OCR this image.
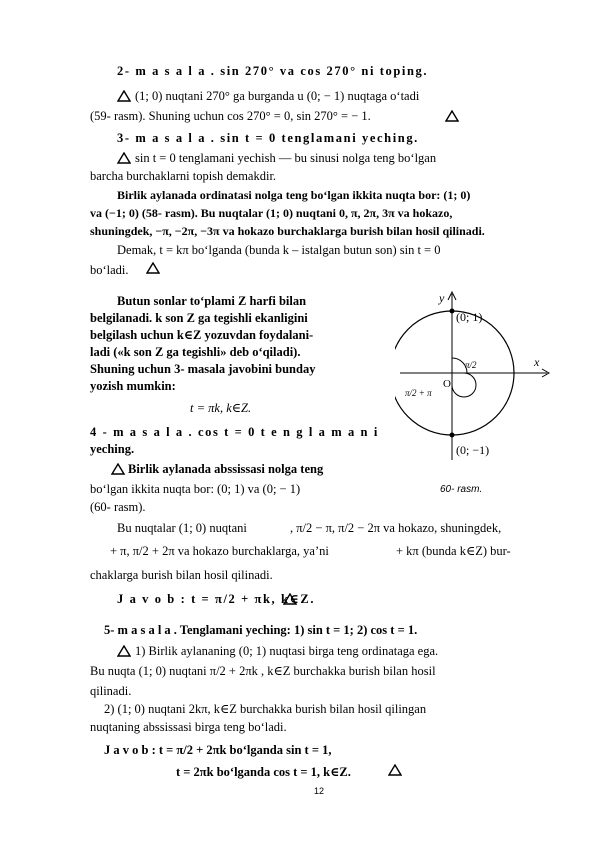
2- m a s a l a . sin 270° va cos 270° ni toping.
(1; 0) nuqtani 270° ga burganda u (0; − 1) nuqtaga o‘tadi
(59- rasm). Shuning uchun cos 270° = 0, sin 270° = − 1.
3- m a s a l a . sin t = 0 tenglamani yeching.
sin t = 0 tenglamani yechish — bu sinusi nolga teng bo‘lgan
barcha burchaklarni topish demakdir.
Birlik aylanada ordinatasi nolga teng bo‘lgan ikkita nuqta bor: (1; 0)
va (−1; 0) (58- rasm). Bu nuqtalar (1; 0) nuqtani 0, π, 2π, 3π va hokazo,
shuningdek, −π, −2π, −3π va hokazo burchaklarga burish bilan hosil qilinadi.
Demak, t = kπ bo‘lganda (bunda k – istalgan butun son) sin t = 0
bo‘ladi.
Butun sonlar to‘plami Z harfi bilan
belgilanadi. k son Z ga tegishli ekanligini
belgilash uchun k∈Z yozuvdan foydalani-
ladi («k son Z ga tegishli» deb o‘qiladi).
Shuning uchun 3- masala javobini bunday
yozish mumkin:
t = πk, k∈Z.
4 - m a s a l a . cos t = 0 t e n g l a m a n i
yeching.
Birlik aylanada abssissasi nolga teng
bo‘lgan ikkita nuqta bor: (0; 1) va (0; − 1)
(60- rasm).
y
x
O
(0; 1)
(0; −1)
π/2
π/2 + π
60- rasm.
Bu nuqtalar (1; 0) nuqtani	, π/2 − π, π/2 − 2π va hokazo, shuningdek,
+ π, π/2 + 2π va hokazo burchaklarga, ya’ni	+ kπ (bunda k∈Z) bur-
chaklarga burish bilan hosil qilinadi.
J a v o b : t = π/2 + πk, k∈Z.
5- m a s a l a . Tenglamani yeching: 1) sin t = 1; 2) cos t = 1.
1) Birlik aylananing (0; 1) nuqtasi birga teng ordinataga ega.
Bu nuqta (1; 0) nuqtani π/2 + 2πk , k∈Z burchakka burish bilan hosil
qilinadi.
2) (1; 0) nuqtani 2kπ, k∈Z burchakka burish bilan hosil qilingan
nuqtaning abssissasi birga teng bo‘ladi.
J a v o b : t = π/2 + 2πk bo‘lganda sin t = 1,
t = 2πk bo‘lganda cos t = 1, k∈Z.
12
